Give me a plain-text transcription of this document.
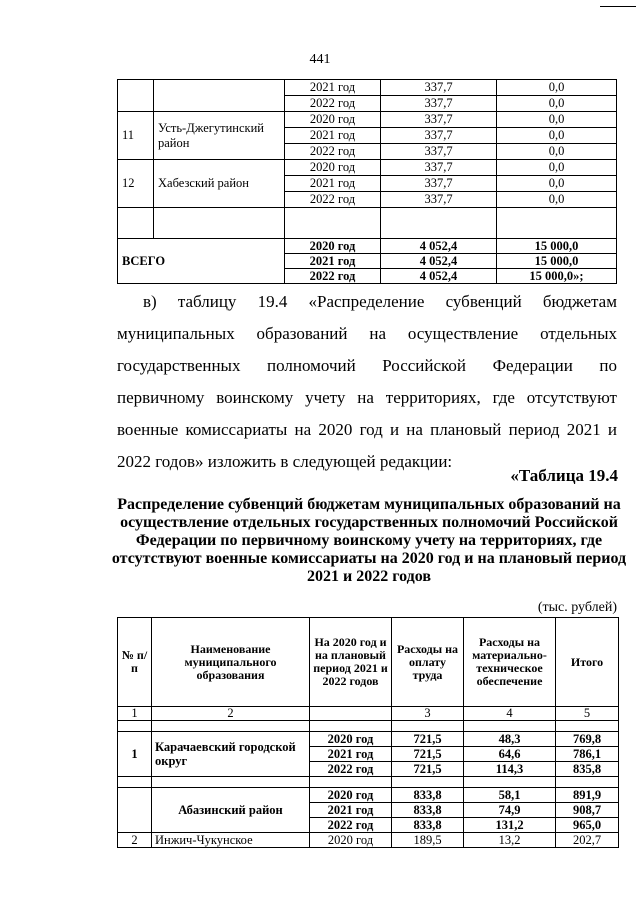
441
		2021 год	337,7	0,0
		2022 год	337,7	0,0
11	Усть-Джегутинский район	2020 год	337,7	0,0
		2021 год	337,7	0,0
		2022 год	337,7	0,0
12	Хабезский район	2020 год	337,7	0,0
		2021 год	337,7	0,0
		2022 год	337,7	0,0

ВСЕГО		2020 год	4 052,4	15 000,0
		2021 год	4 052,4	15 000,0
		2022 год	4 052,4	15 000,0»;

в) таблицу 19.4 «Распределение субвенций бюджетам муниципальных образований на осуществление отдельных государственных полномочий Российской Федерации по первичному воинскому учету на территориях, где отсутствуют военные комиссариаты на 2020 год и на плановый период 2021 и 2022 годов» изложить в следующей редакции:

«Таблица 19.4
Распределение субвенций бюджетам муниципальных образований на осуществление отдельных государственных полномочий Российской Федерации по первичному воинскому учету на территориях, где отсутствуют военные комиссариаты на 2020 год и на плановый период 2021 и 2022 годов
(тыс. рублей)
№ п/п	Наименование муниципального образования	На 2020 год и на плановый период 2021 и 2022 годов	Расходы на оплату труда	Расходы на материально-техническое обеспечение	Итого
1	2		3	4	5

1	Карачаевский городской округ	2020 год	721,5	48,3	769,8
		2021 год	721,5	64,6	786,1
		2022 год	721,5	114,3	835,8

	Абазинский район	2020 год	833,8	58,1	891,9
		2021 год	833,8	74,9	908,7
		2022 год	833,8	131,2	965,0
2	Инжич-Чукунское	2020 год	189,5	13,2	202,7
